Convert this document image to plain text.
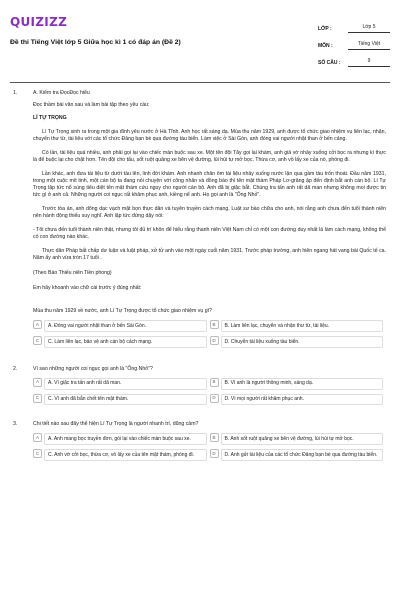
QUIZIZZ
Đề thi Tiếng Việt lớp 5 Giữa học kì 1 có đáp án (Đề 2)
LỚP :	Lớp 5
MÔN :	Tiếng Việt
SỐ CÂU :	9
1.	A. Kiểm tra ĐọcĐọc hiểu
Đọc thầm bài văn sau và làm bài tập theo yêu cầu:
LÍ TỰ TRỌNG
Lí Tự Trọng sinh ra trong một gia đình yêu nước ở Hà Tĩnh. Anh học rất sáng dạ. Mùa thu năm 1929, anh được tổ chức giao nhiệm vụ liên lạc, nhận, chuyển thư từ, tài liệu với các tổ chức Đảng bạn bè qua đường tàu biển. Làm việc ở Sài Gòn, anh đóng vai người nhặt than ở bến cảng.
Có lần, tài liệu quá nhiều, anh phải gọi lại vào chiếc màn buộc sau xe. Một tên đội Tây gọi lại khám, anh giả vờ nhảy xuống cởi bọc ra nhưng kì thực là để buộc lại cho chặt hơn. Tên đội cho tẩu, sốt ruột quăng xe bên vệ đường, lúi húi tự mở bọc. Thừa cơ, anh vồ lấy xe của nó, phóng đi.
Lần khác, anh đưa tài liệu từ dưới tàu lên, linh đời khám. Anh nhanh chân ôm tài liệu nhảy xuống nước lặn qua gầm tàu trốn thoát. Đầu năm 1931, trong một cuộc mít tinh, một cán bộ ta đang nói chuyện với công nhân và đồng bào thì tên mật thám Pháp Lơ-grăng ập đến định bắt anh cán bộ. Lí Tự Trọng lập tức nổ súng tiêu diệt tên mật thám cứu nguy cho người cán bộ. Anh đã bị giặc bắt. Chúng tra tấn anh rất dã man nhưng không moi được tin tức gì ở anh cả. Những người coi ngục rất khâm phục anh, kiềng nể anh. Họ gọi anh là "Ông Nhỏ".
Trước tòa án, anh dõng dạc vạch mặt bọn thực dân và tuyên truyền cách mạng. Luật sư bào chữa cho anh, nói rằng anh chưa đến tuổi thành niên nên hành động thiếu suy nghĩ. Anh lập tức đứng dậy nói:
- Tôi chưa đến tuổi thành niên thật, nhưng tôi đủ trí khôn để hiểu rằng thanh niên Việt Nam chỉ có một con đường duy nhất là làm cách mạng, không thể có con đường nào khác.
Thực dân Pháp bất chấp dư luận và luật pháp, xử tử anh vào một ngày cuối năm 1931. Trước pháp trường, anh hiên ngang hát vang bài Quốc tế ca. Năm ấy anh vừa tròn 17 tuổi .
(Theo Báo Thiếu niên Tiền phong)
Em hãy khoanh vào chữ cái trước ý đúng nhất:
Mùa thu năm 1929 về nước, anh Lí Tự Trọng được tổ chức giao nhiệm vụ gì?
A	A. Đóng vai người nhặt than ở bến Sài Gòn.	B	B. Làm liên lạc, chuyển và nhận thư từ, tài liệu.
C	C. Làm liên lạc, bảo vệ anh cán bộ cách mạng.	D	D. Chuyển tài liệu xuống tàu biển.
2.	Vì sao những người coi ngục gọi anh là "Ông Nhỏ"?
A	A. Vì giặc tra tấn anh rất dã man.	B	B. Vì anh là người thông minh, sáng dạ.
C	C. Vì anh đã bắn chết tên mật thám.	D	D. Vì mọi người rất khâm phục anh.
3.	Chi tiết nào sau đây thể hiện Lí Tự Trọng là người nhanh trí, dũng cảm?
A	A. Anh mang bọc truyền đơn, gói lại vào chiếc màn buộc sau xe.	B	B. Anh sốt ruột quăng xe bên vệ đường, lúi húi tự mở bọc.
C	C. Anh vờ cởi bọc, thừa cơ, vồ lấy xe của tên mật thám, phóng đi.	D	D. Anh gửi tài liệu của các tổ chức Đảng bạn bè qua đường tàu biển.
